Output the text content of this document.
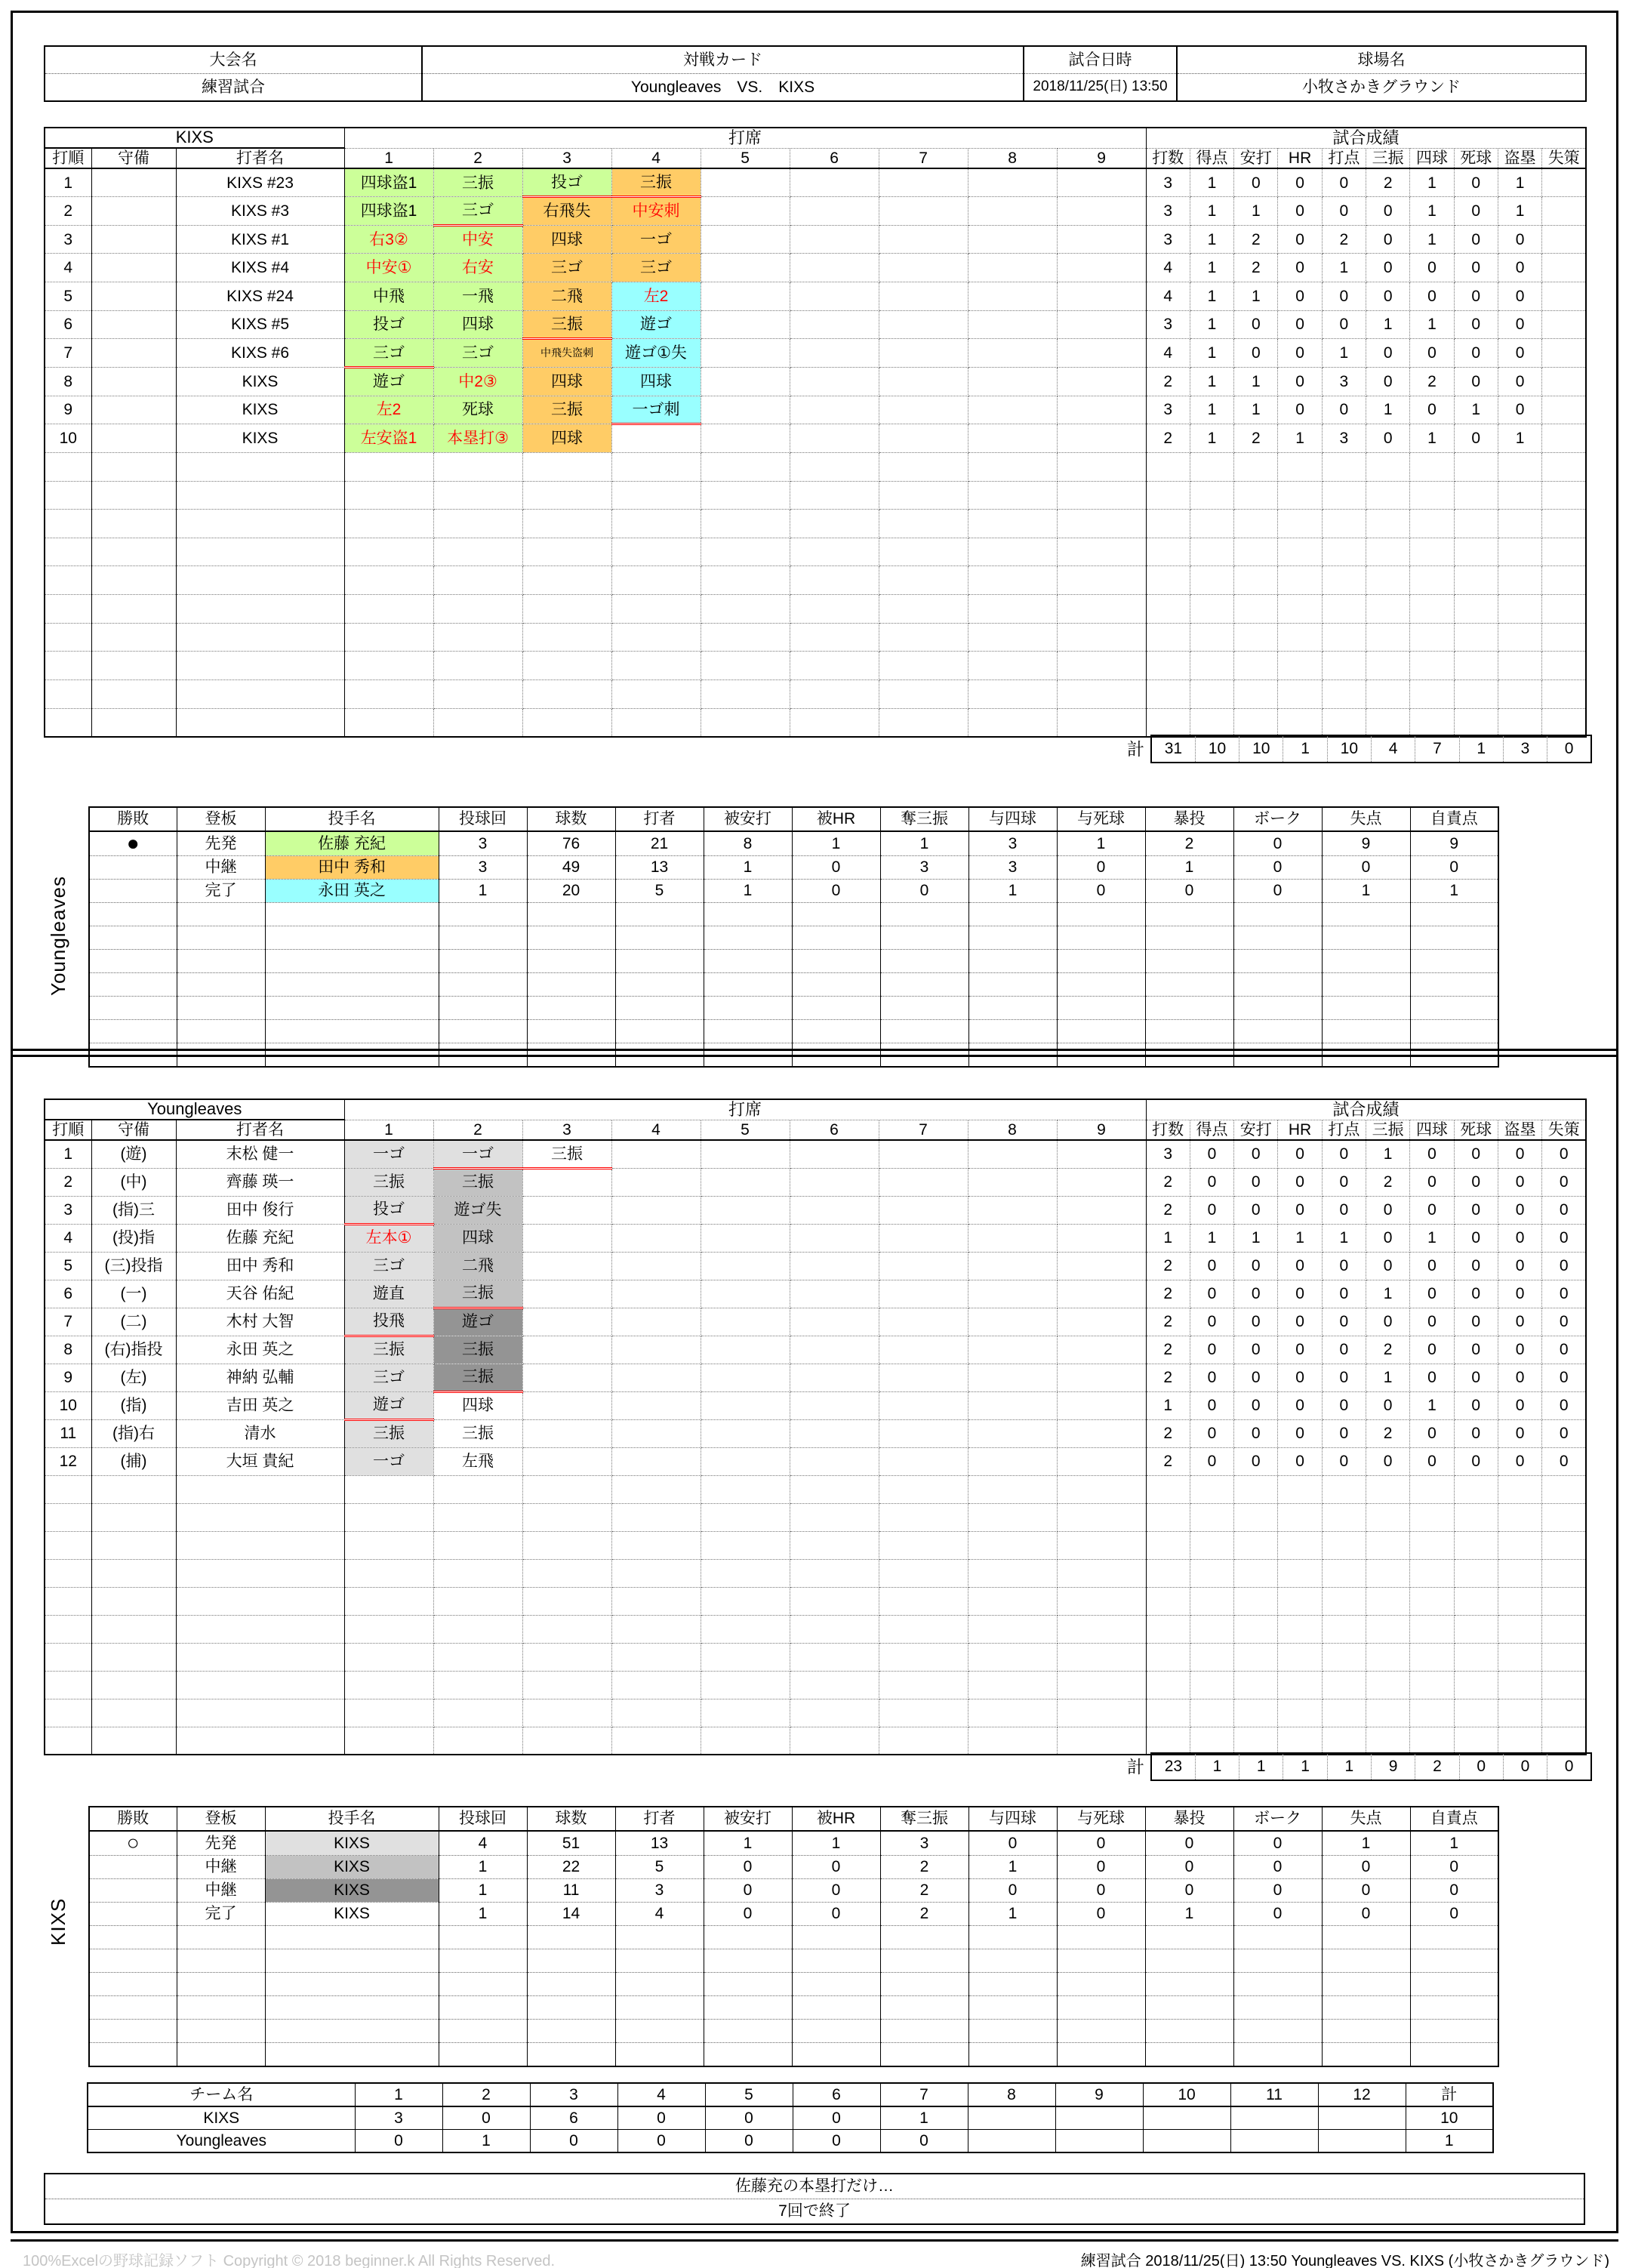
大会名	対戦カード	試合日時	球場名
練習試合	Youngleaves　VS.　KIXS	2018/11/25(日) 13:50	小牧さかきグラウンド
KIXS			打席									試合成績									
打順	守備	打者名	1	2	3	4	5	6	7	8	9	打数	得点	安打	HR	打点	三振	四球	死球	盗塁	失策
1		KIXS #23	四球盗1	三振	投ゴ	三振						3	1	0	0	0	2	1	0	1	
2		KIXS #3	四球盗1	三ゴ	右飛失	中安刺						3	1	1	0	0	0	1	0	1	
3		KIXS #1	右3②	中安	四球	一ゴ						3	1	2	0	2	0	1	0	0	
4		KIXS #4	中安①	右安	三ゴ	三ゴ						4	1	2	0	1	0	0	0	0	
5		KIXS #24	中飛	一飛	二飛	左2						4	1	1	0	0	0	0	0	0	
6		KIXS #5	投ゴ	四球	三振	遊ゴ						3	1	0	0	0	1	1	0	0	
7		KIXS #6	三ゴ	三ゴ	中飛失盗刺	遊ゴ①失						4	1	0	0	1	0	0	0	0	
8		KIXS	遊ゴ	中2③	四球	四球						2	1	1	0	3	0	2	0	0	
9		KIXS	左2	死球	三振	一ゴ刺						3	1	1	0	0	1	0	1	0	
10		KIXS	左安盗1	本塁打③	四球							2	1	2	1	3	0	1	0	1	

計	31	10	10	1	10	4	7	1	3	0
Youngleaves
勝敗	登板	投手名	投球回	球数	打者	被安打	被HR	奪三振	与四球	与死球	暴投	ボーク	失点	自責点
●	先発	佐藤 充紀	3	76	21	8	1	1	3	1	2	0	9	9
	中継	田中 秀和	3	49	13	1	0	3	3	0	1	0	0	0
	完了	永田 英之	1	20	5	1	0	0	1	0	0	0	1	1

Youngleaves			打席									試合成績									
打順	守備	打者名	1	2	3	4	5	6	7	8	9	打数	得点	安打	HR	打点	三振	四球	死球	盗塁	失策
1	(遊)	末松 健一	一ゴ	一ゴ	三振							3	0	0	0	0	1	0	0	0	0
2	(中)	齊藤 瑛一	三振	三振								2	0	0	0	0	2	0	0	0	0
3	(指)三	田中 俊行	投ゴ	遊ゴ失								2	0	0	0	0	0	0	0	0	0
4	(投)指	佐藤 充紀	左本①	四球								1	1	1	1	1	0	1	0	0	0
5	(三)投指	田中 秀和	三ゴ	二飛								2	0	0	0	0	0	0	0	0	0
6	(一)	天谷 佑紀	遊直	三振								2	0	0	0	0	1	0	0	0	0
7	(二)	木村 大智	投飛	遊ゴ								2	0	0	0	0	0	0	0	0	0
8	(右)指投	永田 英之	三振	三振								2	0	0	0	0	2	0	0	0	0
9	(左)	神納 弘輔	三ゴ	三振								2	0	0	0	0	1	0	0	0	0
10	(指)	吉田 英之	遊ゴ	四球								1	0	0	0	0	0	1	0	0	0
11	(指)右	清水	三振	三振								2	0	0	0	0	2	0	0	0	0
12	(捕)	大垣 貴紀	一ゴ	左飛								2	0	0	0	0	0	0	0	0	0

計	23	1	1	1	1	9	2	0	0	0
KIXS
勝敗	登板	投手名	投球回	球数	打者	被安打	被HR	奪三振	与四球	与死球	暴投	ボーク	失点	自責点
○	先発	KIXS	4	51	13	1	1	3	0	0	0	0	1	1
	中継	KIXS	1	22	5	0	0	2	1	0	0	0	0	0
	中継	KIXS	1	11	3	0	0	2	0	0	0	0	0	0
	完了	KIXS	1	14	4	0	0	2	1	0	1	0	0	0

チーム名	1	2	3	4	5	6	7	8	9	10	11	12	計
KIXS	3	0	6	0	0	0	1						10
Youngleaves	0	1	0	0	0	0	0						1
佐藤充の本塁打だけ…
7回で終了
100%Excelの野球記録ソフト Copyright © 2018 beginner.k All Rights Reserved.	練習試合 2018/11/25(日) 13:50 Youngleaves VS. KIXS (小牧さかきグラウンド)
